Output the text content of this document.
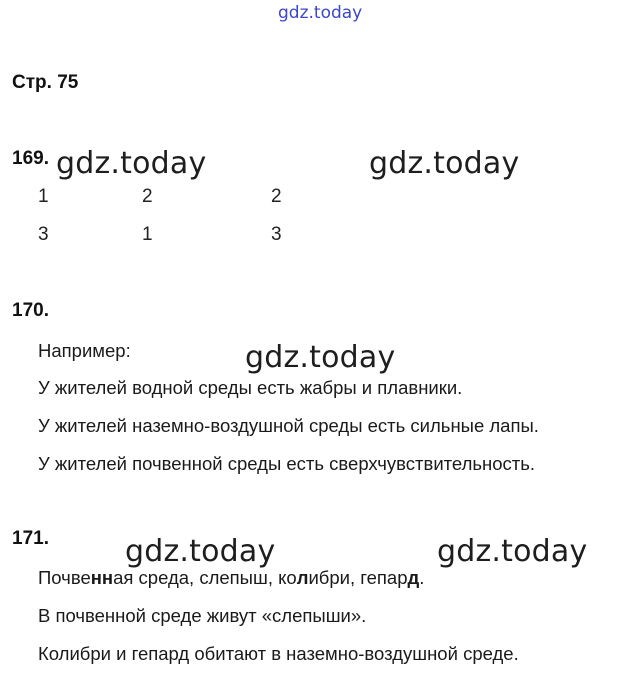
gdz.today
Стр. 75
169. gdz.today	gdz.today
1	2	2
3	1	3
170.
Например:	gdz.today
У жителей водной среды есть жабры и плавники.
У жителей наземно-воздушной среды есть сильные лапы.
У жителей почвенной среды есть сверхчувствительность.
171.	gdz.today	gdz.today
Почвенная среда, слепыш, колибри, гепард.
В почвенной среде живут «слепыши».
Колибри и гепард обитают в наземно-воздушной среде.
